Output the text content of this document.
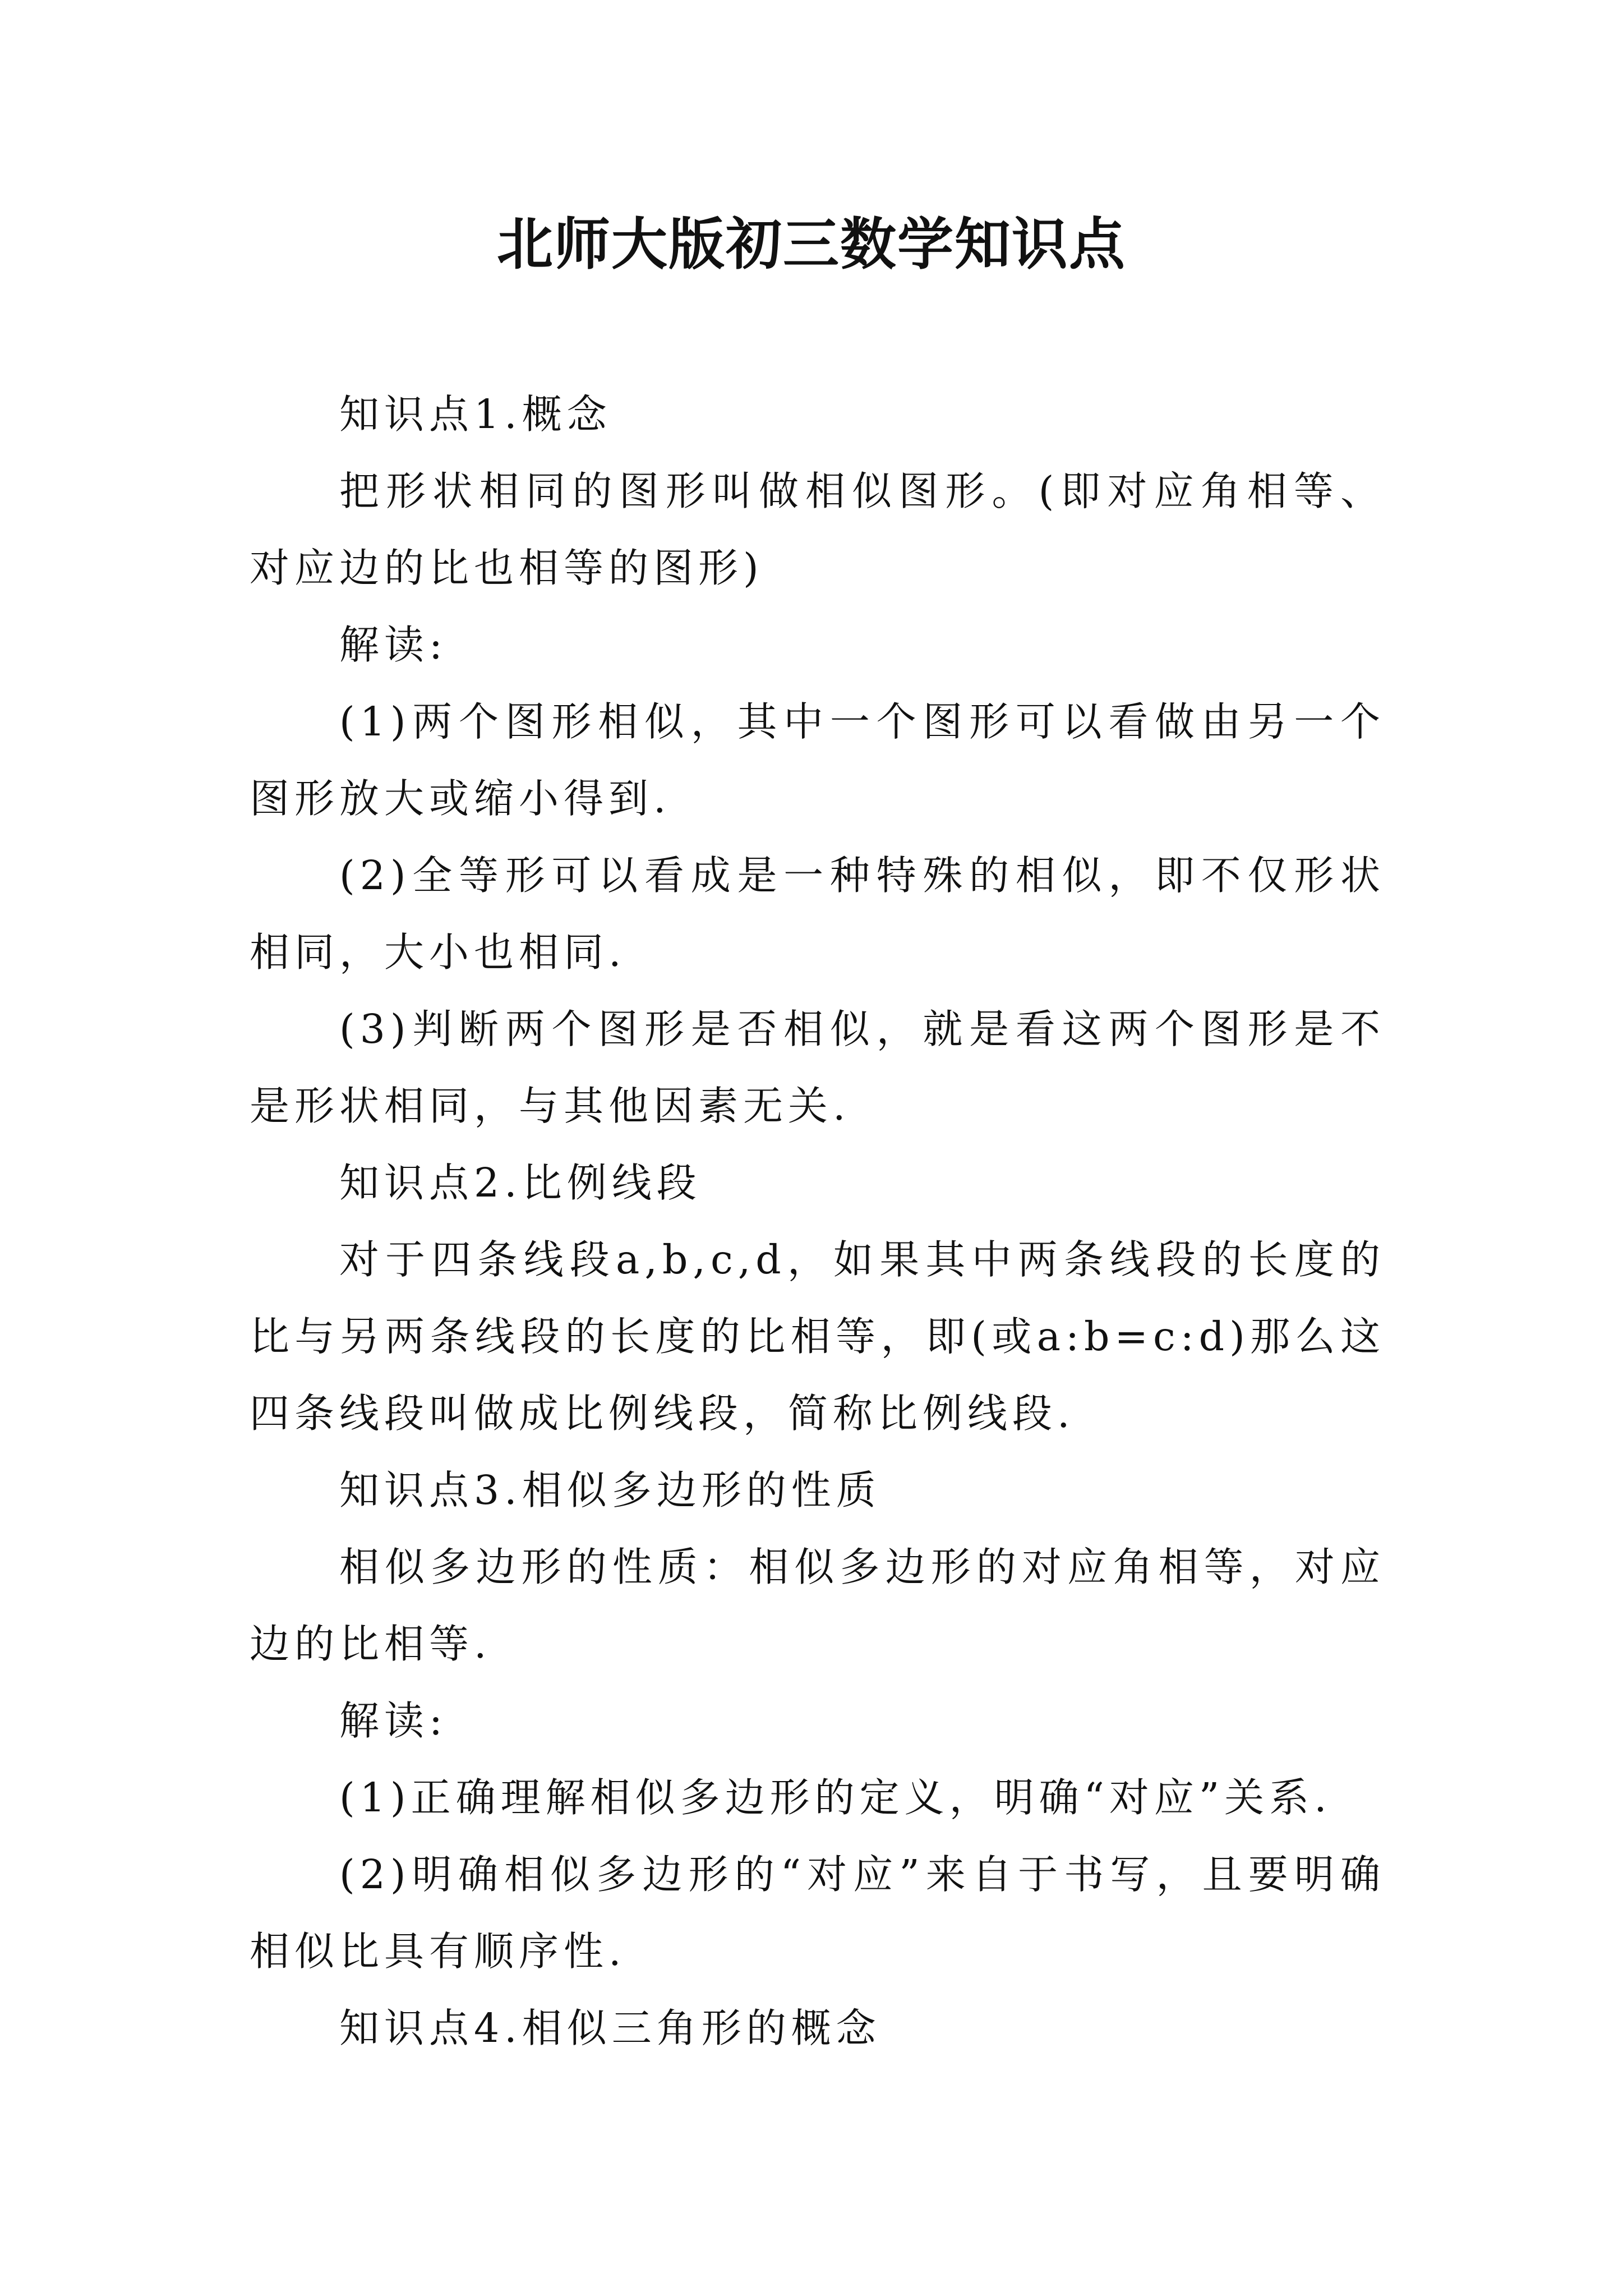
北师大版初三数学知识点

知识点1.概念

把形状相同的图形叫做相似图形。(即对应角相等、对应边的比也相等的图形)

解读:

(1)两个图形相似，其中一个图形可以看做由另一个图形放大或缩小得到.

(2)全等形可以看成是一种特殊的相似，即不仅形状相同，大小也相同.

(3)判断两个图形是否相似，就是看这两个图形是不是形状相同，与其他因素无关.

知识点2.比例线段

对于四条线段a,b,c,d，如果其中两条线段的长度的比与另两条线段的长度的比相等，即(或a:b=c:d)那么这四条线段叫做成比例线段，简称比例线段.

知识点3.相似多边形的性质

相似多边形的性质：相似多边形的对应角相等，对应边的比相等.

解读:

(1)正确理解相似多边形的定义，明确“对应”关系.

(2)明确相似多边形的“对应”来自于书写，且要明确相似比具有顺序性.

知识点4.相似三角形的概念
